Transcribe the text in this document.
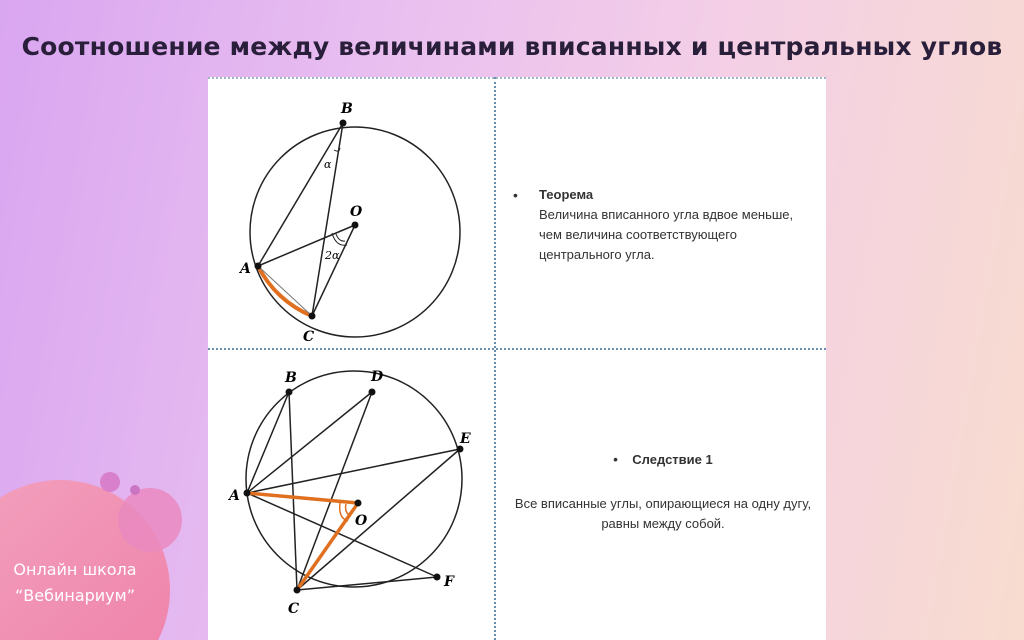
Соотношение между величинами вписанных и центральных углов
Онлайн школа
“Вебинариум”
B
O
A
C
α
2α
• Теорема
Величина вписанного угла вдвое меньше, чем величина соответствующего центрального угла.
B	D
E
A
O
F
C
•    Следствие 1
Все вписанные углы, опирающиеся на одну дугу, равны между собой.
